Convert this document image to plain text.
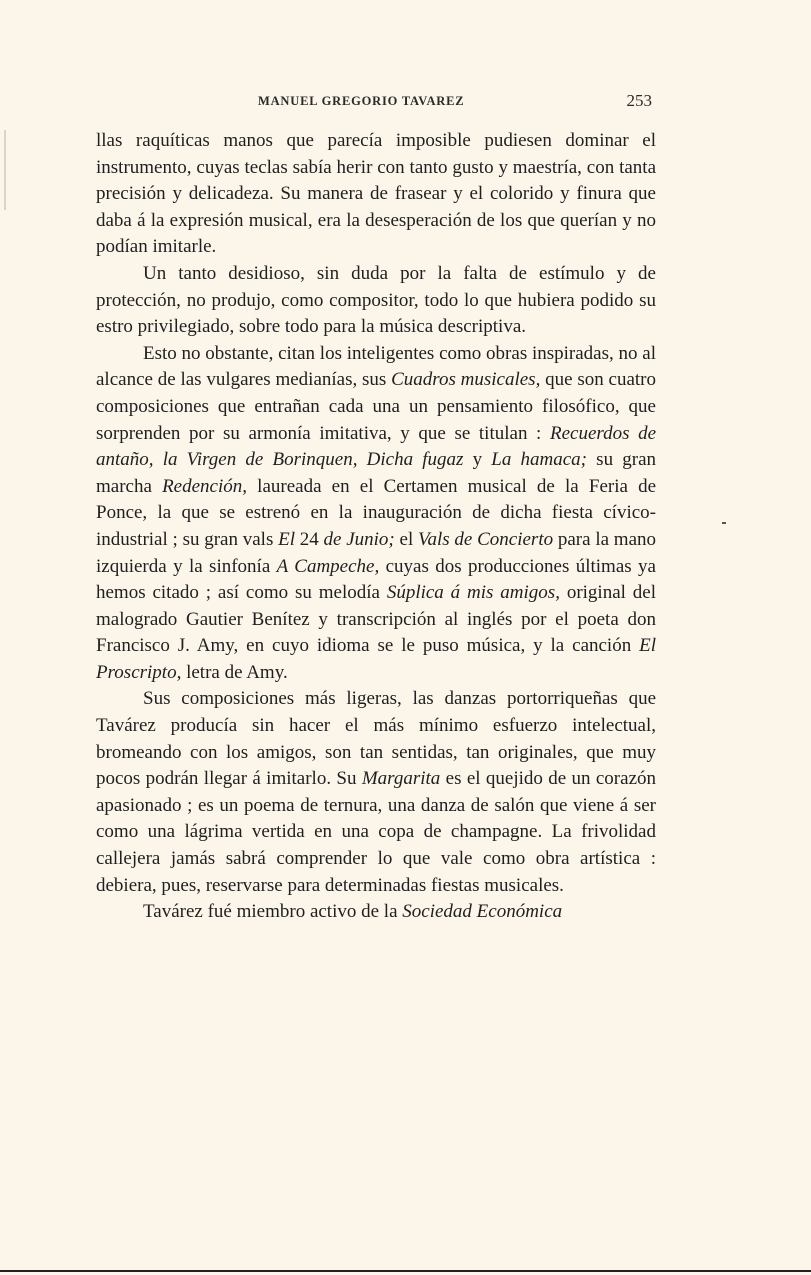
MANUEL GREGORIO TAVAREZ	253

llas raquíticas manos que parecía imposible pudiesen dominar el instrumento, cuyas teclas sabía herir con tanto gusto y maestría, con tanta precisión y delicadeza. Su manera de frasear y el colorido y finura que daba á la expresión musical, era la desesperación de los que querían y no podían imitarle.

Un tanto desidioso, sin duda por la falta de estímulo y de protección, no produjo, como compositor, todo lo que hubiera podido su estro privilegiado, sobre todo para la música descriptiva.

Esto no obstante, citan los inteligentes como obras inspiradas, no al alcance de las vulgares medianías, sus Cuadros musicales, que son cuatro composiciones que entrañan cada una un pensamiento filosófico, que sorprenden por su armonía imitativa, y que se titulan : Recuerdos de antaño, la Virgen de Borinquen, Dicha fugaz y La hamaca; su gran marcha Redención, laureada en el Certamen musical de la Feria de Ponce, la que se estrenó en la inauguración de dicha fiesta cívico-industrial ; su gran vals El 24 de Junio; el Vals de Concierto para la mano izquierda y la sinfonía A Campeche, cuyas dos producciones últimas ya hemos citado ; así como su melodía Súplica á mis amigos, original del malogrado Gautier Benítez y transcripción al inglés por el poeta don Francisco J. Amy, en cuyo idioma se le puso música, y la canción El Proscripto, letra de Amy.

Sus composiciones más ligeras, las danzas portorriqueñas que Tavárez producía sin hacer el más mínimo esfuerzo intelectual, bromeando con los amigos, son tan sentidas, tan originales, que muy pocos podrán llegar á imitarlo. Su Margarita es el quejido de un corazón apasionado ; es un poema de ternura, una danza de salón que viene á ser como una lágrima vertida en una copa de champagne. La frivolidad callejera jamás sabrá comprender lo que vale como obra artística : debiera, pues, reservarse para determinadas fiestas musicales.

Tavárez fué miembro activo de la Sociedad Económica
